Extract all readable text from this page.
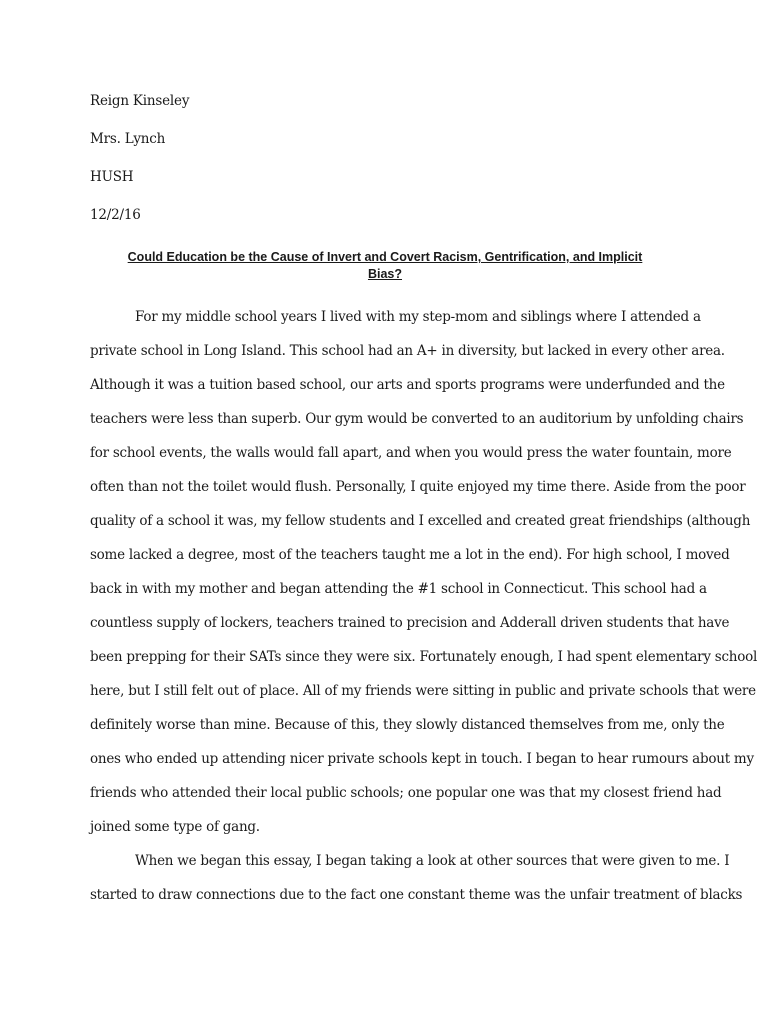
Reign Kinseley
Mrs. Lynch
HUSH
12/2/16
Could Education be the Cause of Invert and Covert Racism, Gentrification, and Implicit
Bias?
For my middle school years I lived with my step-mom and siblings where I attended a
private school in Long Island. This school had an A+ in diversity, but lacked in every other area.
Although it was a tuition based school, our arts and sports programs were underfunded and the
teachers were less than superb. Our gym would be converted to an auditorium by unfolding chairs
for school events, the walls would fall apart, and when you would press the water fountain, more
often than not the toilet would flush. Personally, I quite enjoyed my time there. Aside from the poor
quality of a school it was, my fellow students and I excelled and created great friendships (although
some lacked a degree, most of the teachers taught me a lot in the end). For high school, I moved
back in with my mother and began attending the #1 school in Connecticut. This school had a
countless supply of lockers, teachers trained to precision and Adderall driven students that have
been prepping for their SATs since they were six. Fortunately enough, I had spent elementary school
here, but I still felt out of place. All of my friends were sitting in public and private schools that were
definitely worse than mine. Because of this, they slowly distanced themselves from me, only the
ones who ended up attending nicer private schools kept in touch. I began to hear rumours about my
friends who attended their local public schools; one popular one was that my closest friend had
joined some type of gang.
When we began this essay, I began taking a look at other sources that were given to me. I
started to draw connections due to the fact one constant theme was the unfair treatment of blacks
